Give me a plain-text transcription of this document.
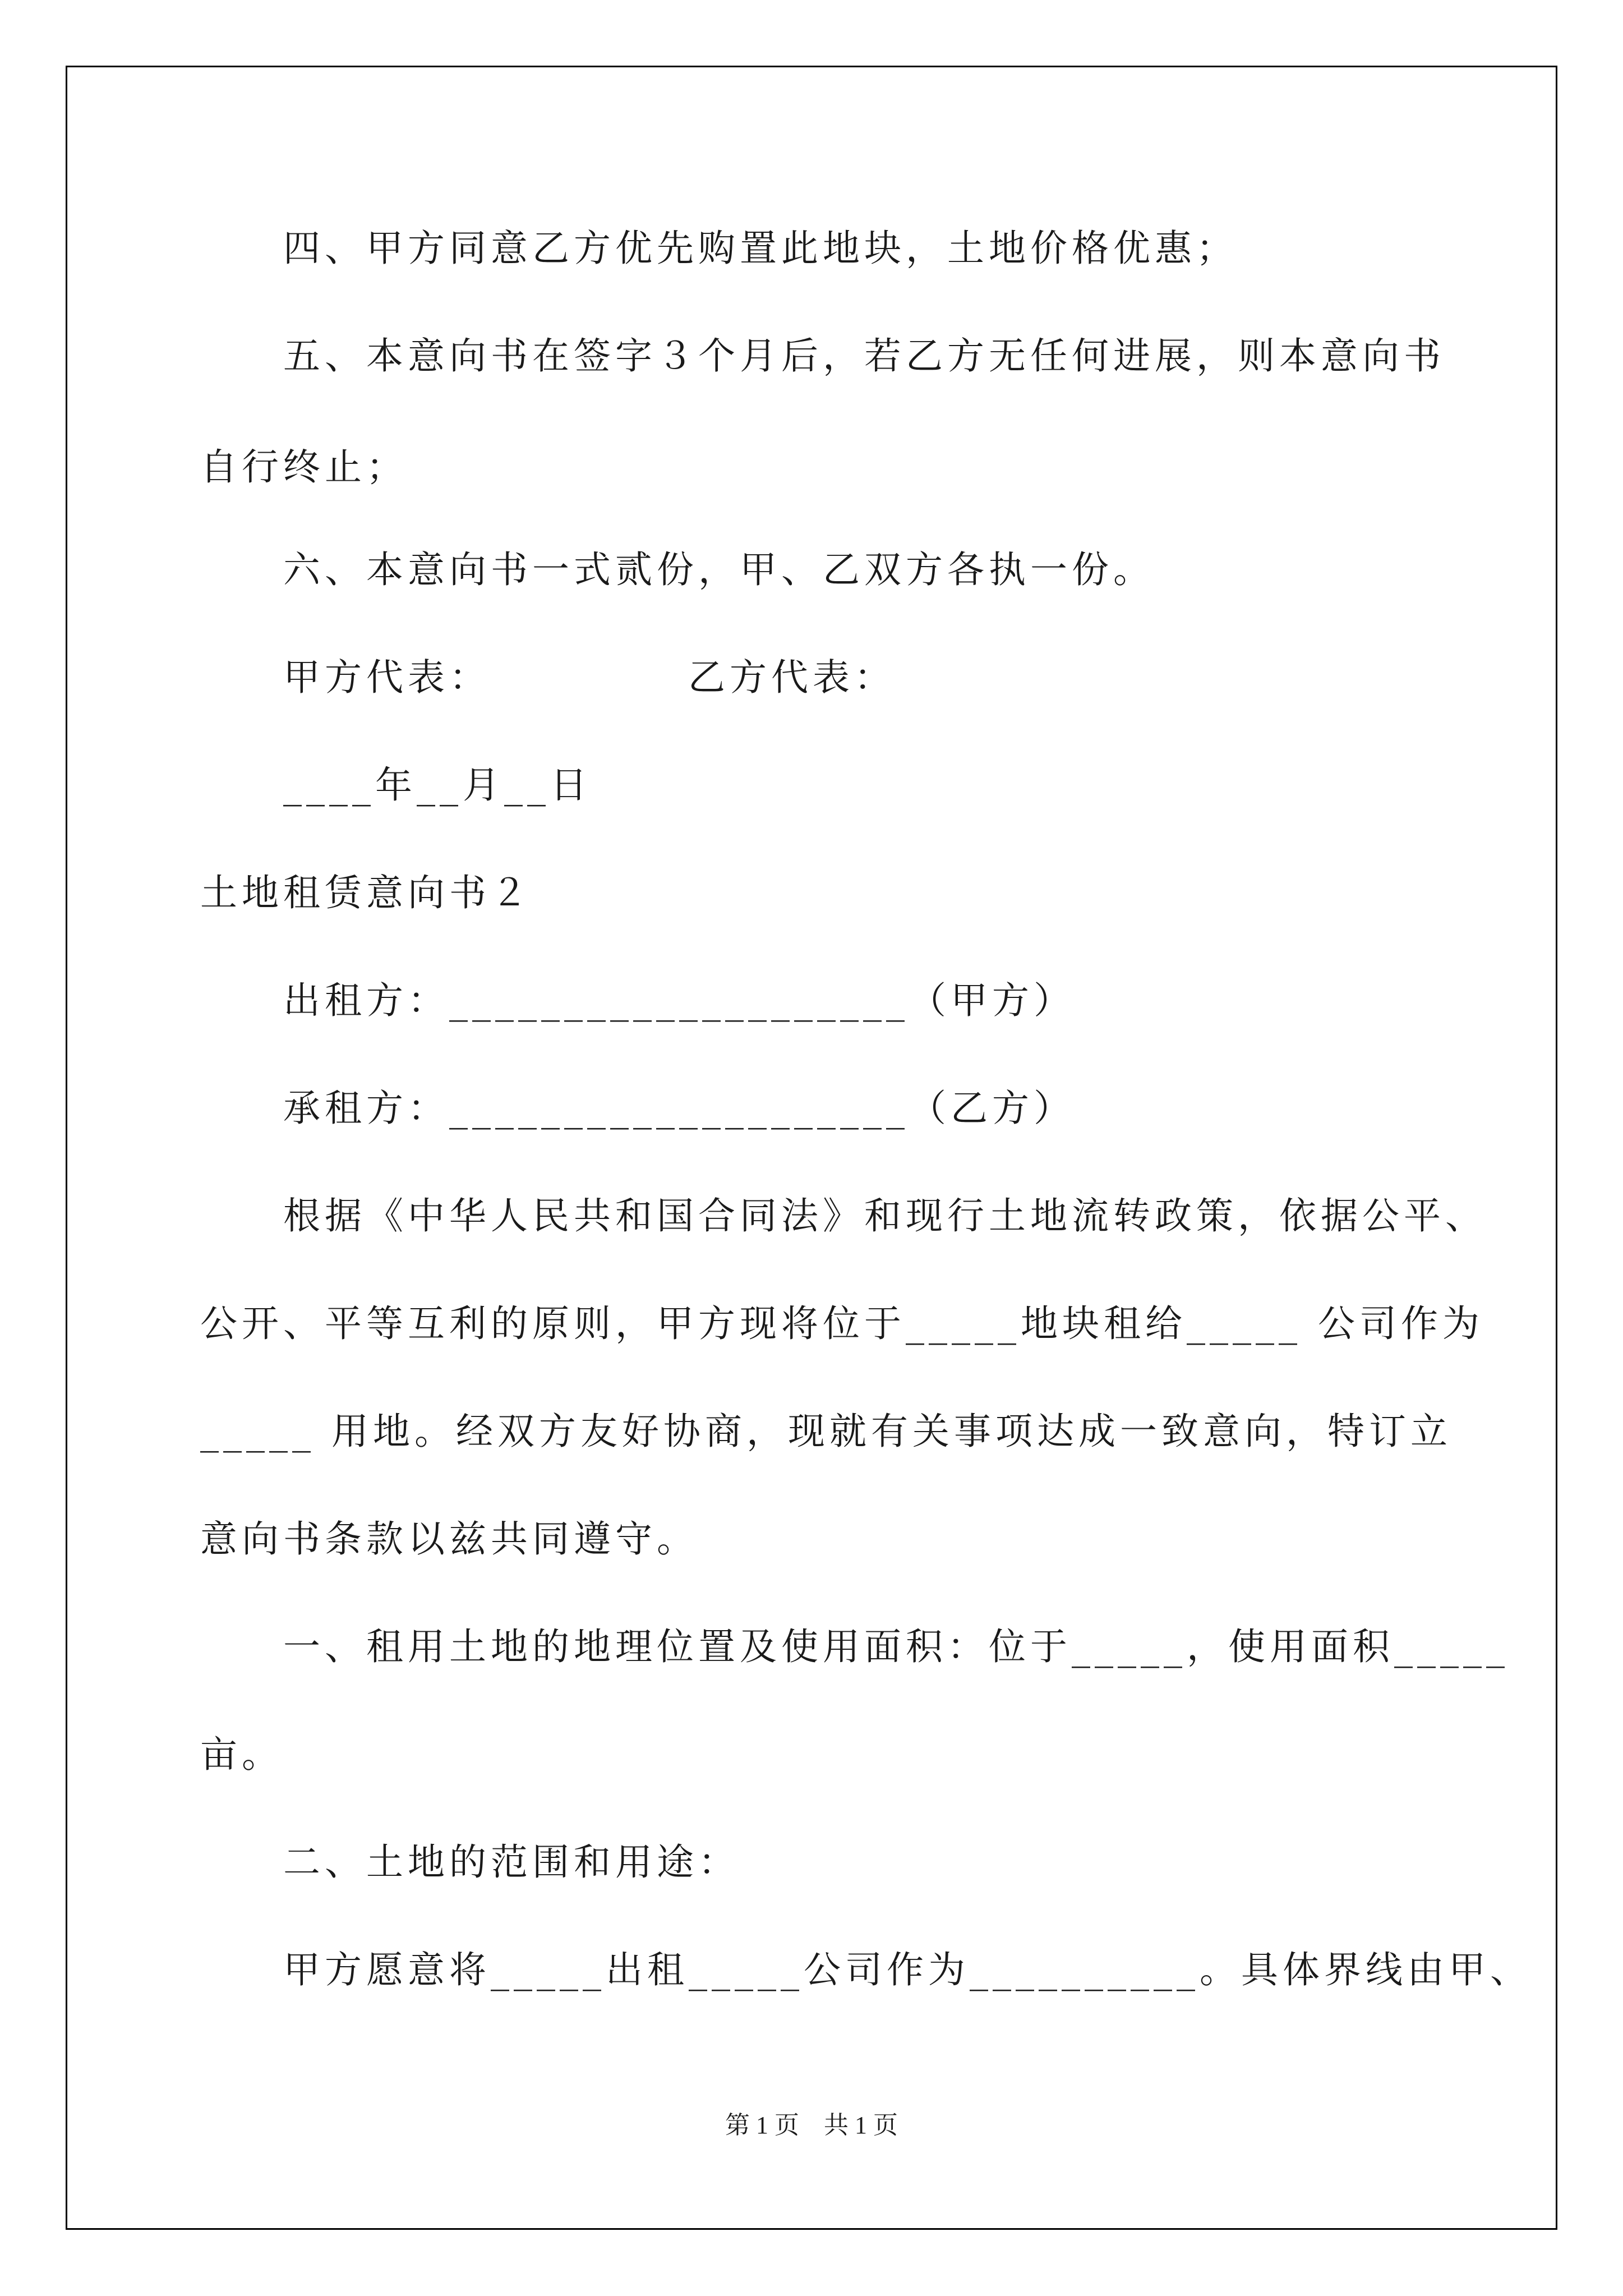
四、甲方同意乙方优先购置此地块，土地价格优惠；
五、本意向书在签字３个月后，若乙方无任何进展，则本意向书
自行终止；
六、本意向书一式贰份，甲、乙双方各执一份。
甲方代表：	乙方代表：
____年__月__日
土地租赁意向书２
出租方：____________________（甲方）
承租方：____________________（乙方）
根据《中华人民共和国合同法》和现行土地流转政策，依据公平、
公开、平等互利的原则，甲方现将位于_____地块租给_____ 公司作为
_____ 用地。经双方友好协商，现就有关事项达成一致意向，特订立
意向书条款以兹共同遵守。
一、租用土地的地理位置及使用面积：位于_____，使用面积_____
亩。
二、土地的范围和用途：
甲方愿意将_____出租_____公司作为__________。具体界线由甲、
第 1 页　共 1 页
